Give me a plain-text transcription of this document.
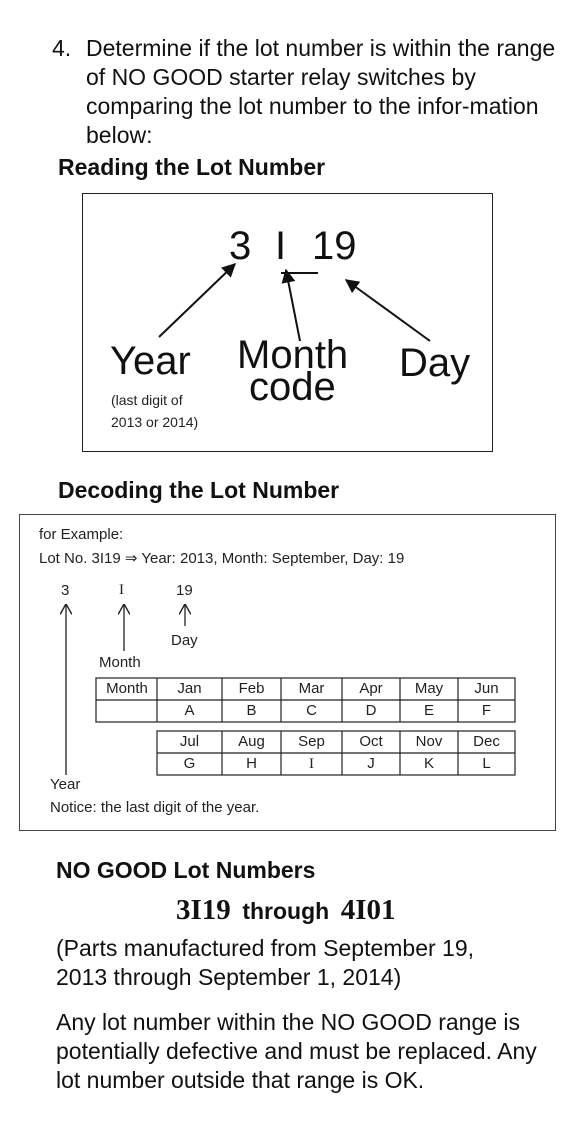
4. Determine if the lot number is within the range of NO GOOD starter relay switches by comparing the lot number to the infor-mation below:
Reading the Lot Number
3 I 19
Year Month
code
Day
(last digit of
2013 or 2014)
Decoding the Lot Number
for Example:
Lot No. 3I19 ⇒ Year: 2013, Month: September, Day: 19
3	I	19
Day
Month
Month
Year
Notice: the last digit of the year.
Jan	Feb	Mar	Apr	May	Jun
A	B	C	D	E	F
Jul	Aug	Sep	Oct	Nov	Dec
G	H	I	J	K	L
NO GOOD Lot Numbers
3I19 through 4I01
(Parts manufactured from September 19,
2013 through September 1, 2014)
Any lot number within the NO GOOD range is potentially defective and must be replaced. Any lot number outside that range is OK.
